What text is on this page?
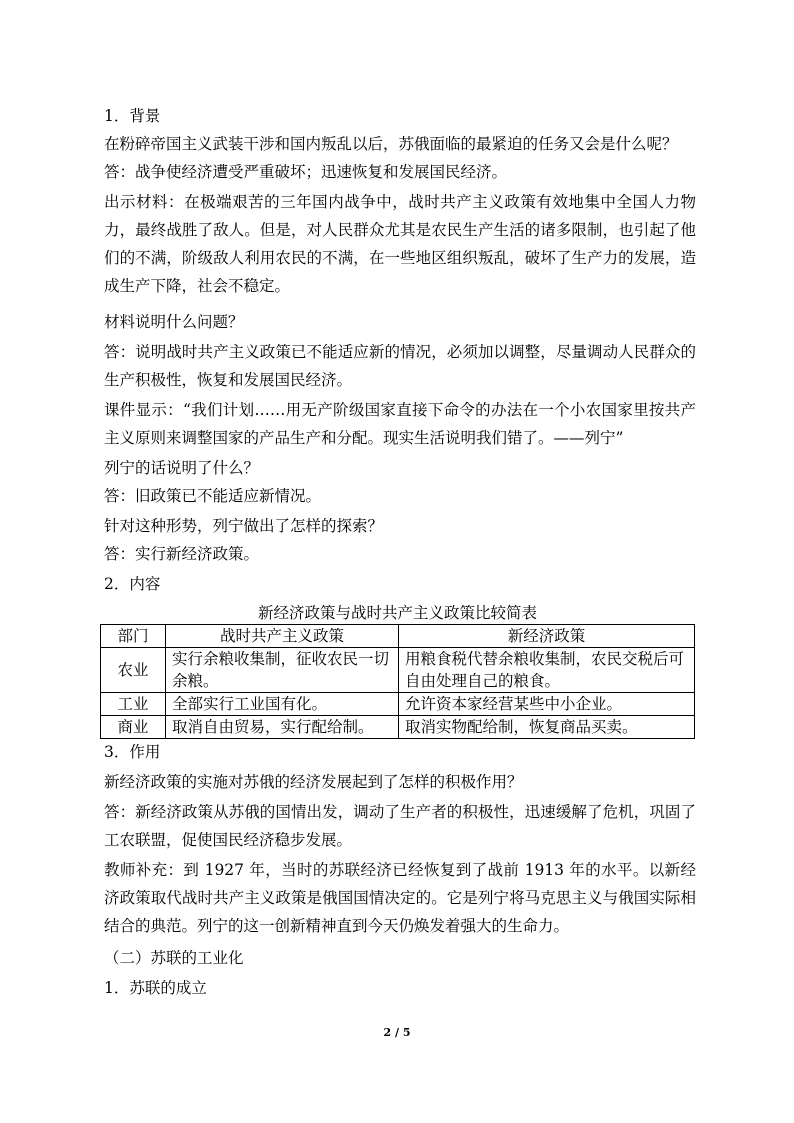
1．背景

在粉碎帝国主义武装干涉和国内叛乱以后，苏俄面临的最紧迫的任务又会是什么呢？

答：战争使经济遭受严重破坏；迅速恢复和发展国民经济。

出示材料：在极端艰苦的三年国内战争中，战时共产主义政策有效地集中全国人力物力，最终战胜了敌人。但是，对人民群众尤其是农民生产生活的诸多限制，也引起了他们的不满，阶级敌人利用农民的不满，在一些地区组织叛乱，破坏了生产力的发展，造成生产下降，社会不稳定。

材料说明什么问题？

答：说明战时共产主义政策已不能适应新的情况，必须加以调整，尽量调动人民群众的生产积极性，恢复和发展国民经济。

课件显示：“我们计划……用无产阶级国家直接下命令的办法在一个小农国家里按共产主义原则来调整国家的产品生产和分配。现实生活说明我们错了。——列宁”

列宁的话说明了什么？

答：旧政策已不能适应新情况。

针对这种形势，列宁做出了怎样的探索？

答：实行新经济政策。

2．内容

新经济政策与战时共产主义政策比较简表
部门	战时共产主义政策	新经济政策
农业	实行余粮收集制，征收农民一切余粮。	用粮食税代替余粮收集制，农民交税后可自由处理自己的粮食。
工业	全部实行工业国有化。	允许资本家经营某些中小企业。
商业	取消自由贸易，实行配给制。	取消实物配给制，恢复商品买卖。

3．作用

新经济政策的实施对苏俄的经济发展起到了怎样的积极作用？

答：新经济政策从苏俄的国情出发，调动了生产者的积极性，迅速缓解了危机，巩固了工农联盟，促使国民经济稳步发展。

教师补充：到 1927 年，当时的苏联经济已经恢复到了战前 1913 年的水平。以新经济政策取代战时共产主义政策是俄国国情决定的。它是列宁将马克思主义与俄国实际相结合的典范。列宁的这一创新精神直到今天仍焕发着强大的生命力。

（二）苏联的工业化

1．苏联的成立

2 / 5
